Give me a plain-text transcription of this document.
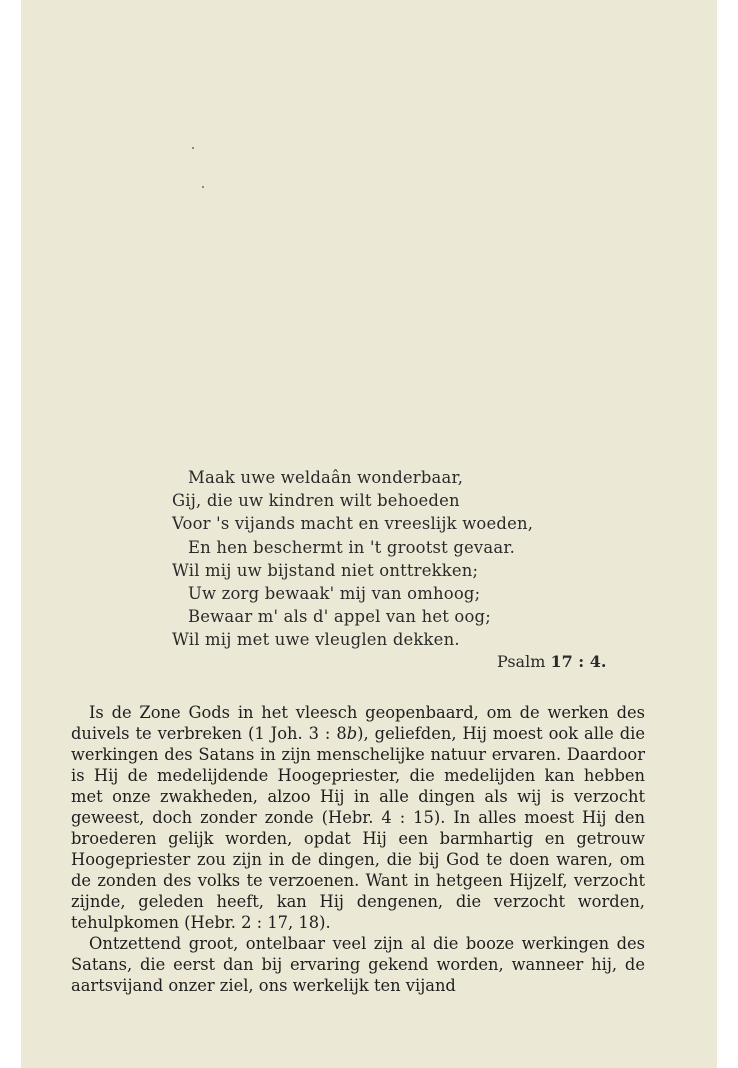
Maak uwe weldaân wonderbaar,
Gij, die uw kindren wilt behoeden
Voor 's vijands macht en vreeslijk woeden,
En hen beschermt in 't grootst gevaar.
Wil mij uw bijstand niet onttrekken;
Uw zorg bewaak' mij van omhoog;
Bewaar m' als d' appel van het oog;
Wil mij met uwe vleuglen dekken.
Psalm 17 : 4.

Is de Zone Gods in het vleesch geopenbaard, om de werken des duivels te verbreken (1 Joh. 3 : 8b), geliefden, Hij moest ook alle die werkingen des Satans in zijn menschelijke natuur ervaren. Daardoor is Hij de medelijdende Hoogepriester, die medelijden kan hebben met onze zwakheden, alzoo Hij in alle dingen als wij is verzocht geweest, doch zonder zonde (Hebr. 4 : 15). In alles moest Hij den broederen gelijk worden, opdat Hij een barmhartig en getrouw Hoogepriester zou zijn in de dingen, die bij God te doen waren, om de zonden des volks te verzoenen. Want in hetgeen Hijzelf, verzocht zijnde, geleden heeft, kan Hij dengenen, die verzocht worden, tehulpkomen (Hebr. 2 : 17, 18).

Ontzettend groot, ontelbaar veel zijn al die booze werkingen des Satans, die eerst dan bij ervaring gekend worden, wanneer hij, de aartsvijand onzer ziel, ons werkelijk ten vijand
